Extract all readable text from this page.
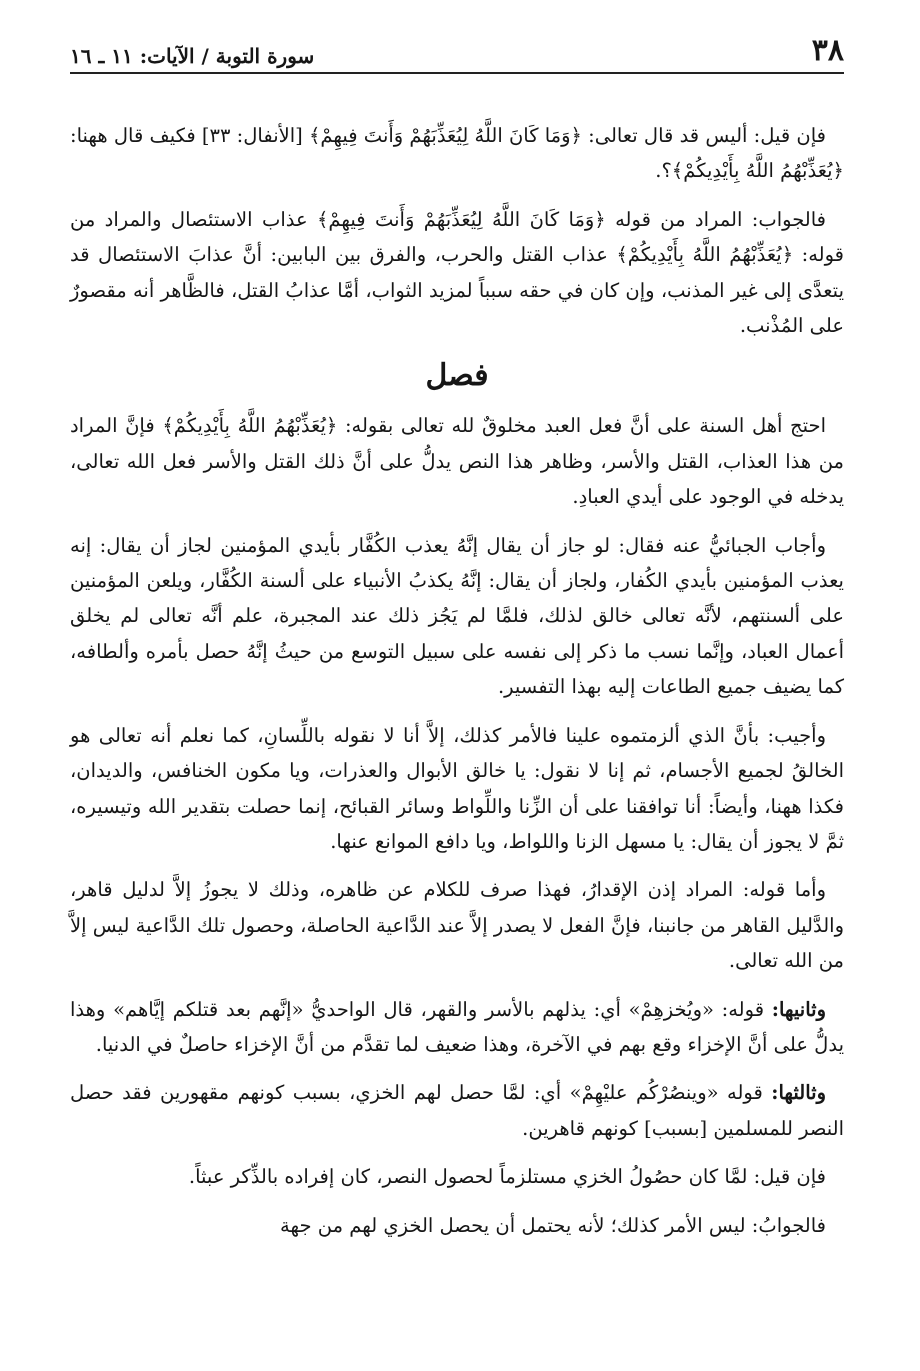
٣٨
سورة التوبة / الآيات: ١١ ـ ١٦

فإن قيل: أليس قد قال تعالى: ﴿وَمَا كَانَ اللَّهُ لِيُعَذِّبَهُمْ وَأَنتَ فِيهِمْ﴾ [الأنفال: ٣٣] فكيف قال ههنا: ﴿يُعَذِّبْهُمُ اللَّهُ بِأَيْدِيكُمْ﴾؟.

فالجواب: المراد من قوله ﴿وَمَا كَانَ اللَّهُ لِيُعَذِّبَهُمْ وَأَنتَ فِيهِمْ﴾ عذاب الاستئصال والمراد من قوله: ﴿يُعَذِّبْهُمُ اللَّهُ بِأَيْدِيكُمْ﴾ عذاب القتل والحرب، والفرق بين البابين: أنَّ عذابَ الاستئصال قد يتعدَّى إلى غير المذنب، وإن كان في حقه سبباً لمزيد الثواب، أمَّا عذابُ القتل، فالظَّاهر أنه مقصورٌ على المُذْنب.

فصل

احتج أهل السنة على أنَّ فعل العبد مخلوقٌ لله تعالى بقوله: ﴿يُعَذِّبْهُمُ اللَّهُ بِأَيْدِيكُمْ﴾ فإنَّ المراد من هذا العذاب، القتل والأسر، وظاهر هذا النص يدلُّ على أنَّ ذلك القتل والأسر فعل الله تعالى، يدخله في الوجود على أيدي العبادِ.

وأجاب الجبائيُّ عنه فقال: لو جاز أن يقال إنَّهُ يعذب الكُفَّار بأيدي المؤمنين لجاز أن يقال: إنه يعذب المؤمنين بأيدي الكُفار، ولجاز أن يقال: إنَّهُ يكذبُ الأنبياء على ألسنة الكُفَّار، ويلعن المؤمنين على ألسنتهم، لأنَّه تعالى خالق لذلك، فلمَّا لم يَجُز ذلك عند المجبرة، علم أنَّه تعالى لم يخلق أعمال العباد، وإنَّما نسب ما ذكر إلى نفسه على سبيل التوسع من حيثُ إنَّهُ حصل بأمره وألطافه، كما يضيف جميع الطاعات إليه بهذا التفسير.

وأجيب: بأنَّ الذي ألزمتموه علينا فالأمر كذلك، إلاَّ أنا لا نقوله باللِّسانِ، كما نعلم أنه تعالى هو الخالقُ لجميع الأجسام، ثم إنا لا نقول: يا خالق الأبوال والعذرات، ويا مكون الخنافس، والديدان، فكذا ههنا، وأيضاً: أنا توافقنا على أن الزِّنا واللِّواط وسائر القبائح، إنما حصلت بتقدير الله وتيسيره، ثمَّ لا يجوز أن يقال: يا مسهل الزنا واللواط، ويا دافع الموانع عنها.

وأما قوله: المراد إذن الإقدارُ، فهذا صرف للكلام عن ظاهره، وذلك لا يجوزُ إلاَّ لدليل قاهر، والدَّليل القاهر من جانبنا، فإنَّ الفعل لا يصدر إلاَّ عند الدَّاعية الحاصلة، وحصول تلك الدَّاعية ليس إلاَّ من الله تعالى.

وثانيها: قوله: «ويُخزهِمْ» أي: يذلهم بالأسر والقهر، قال الواحديُّ «إنَّهم بعد قتلكم إيَّاهم» وهذا يدلُّ على أنَّ الإخزاء وقع بهم في الآخرة، وهذا ضعيف لما تقدَّم من أنَّ الإخزاء حاصلٌ في الدنيا.

وثالثها: قوله «وينصُرْكُم عليْهِمْ» أي: لمَّا حصل لهم الخزي، بسبب كونهم مقهورين فقد حصل النصر للمسلمين [بسبب] كونهم قاهرين.

فإن قيل: لمَّا كان حصُولُ الخزي مستلزماً لحصول النصر، كان إفراده بالذِّكر عبثاً.

فالجوابُ: ليس الأمر كذلك؛ لأنه يحتمل أن يحصل الخزي لهم من جهة
